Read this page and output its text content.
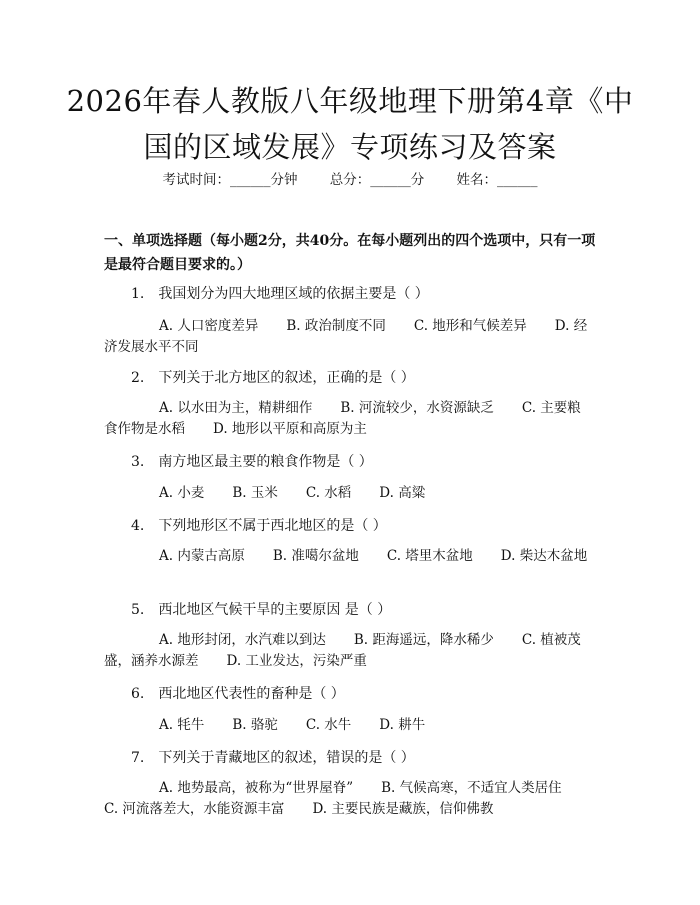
2026年春人教版八年级地理下册第4章《中国的区域发展》专项练习及答案
考试时间：______分钟 总分：______分 姓名：______
一、单项选择题（每小题2分，共40分。在每小题列出的四个选项中，只有一项是最符合题目要求的。）
1.　我国划分为四大地理区域的依据主要是（ ）
A. 人口密度差异 B. 政治制度不同 C. 地形和气候差异 D. 经济发展水平不同
2.　下列关于北方地区的叙述，正确的是（ ）
A. 以水田为主，精耕细作 B. 河流较少，水资源缺乏 C. 主要粮食作物是水稻 D. 地形以平原和高原为主
3.　南方地区最主要的粮食作物是（ ）
A. 小麦 B. 玉米 C. 水稻 D. 高粱
4.　下列地形区不属于西北地区的是（ ）
A. 内蒙古高原 B. 准噶尔盆地 C. 塔里木盆地 D. 柴达木盆地
5.　西北地区气候干旱的主要原因 是（ ）
A. 地形封闭，水汽难以到达 B. 距海遥远，降水稀少 C. 植被茂盛，涵养水源差 D. 工业发达，污染严重
6.　西北地区代表性的畜种是（ ）
A. 牦牛 B. 骆驼 C. 水牛 D. 耕牛
7.　下列关于青藏地区的叙述，错误的是（ ）
A. 地势最高，被称为“世界屋脊” B. 气候高寒，不适宜人类居住C. 河流落差大，水能资源丰富 D. 主要民族是藏族，信仰佛教
